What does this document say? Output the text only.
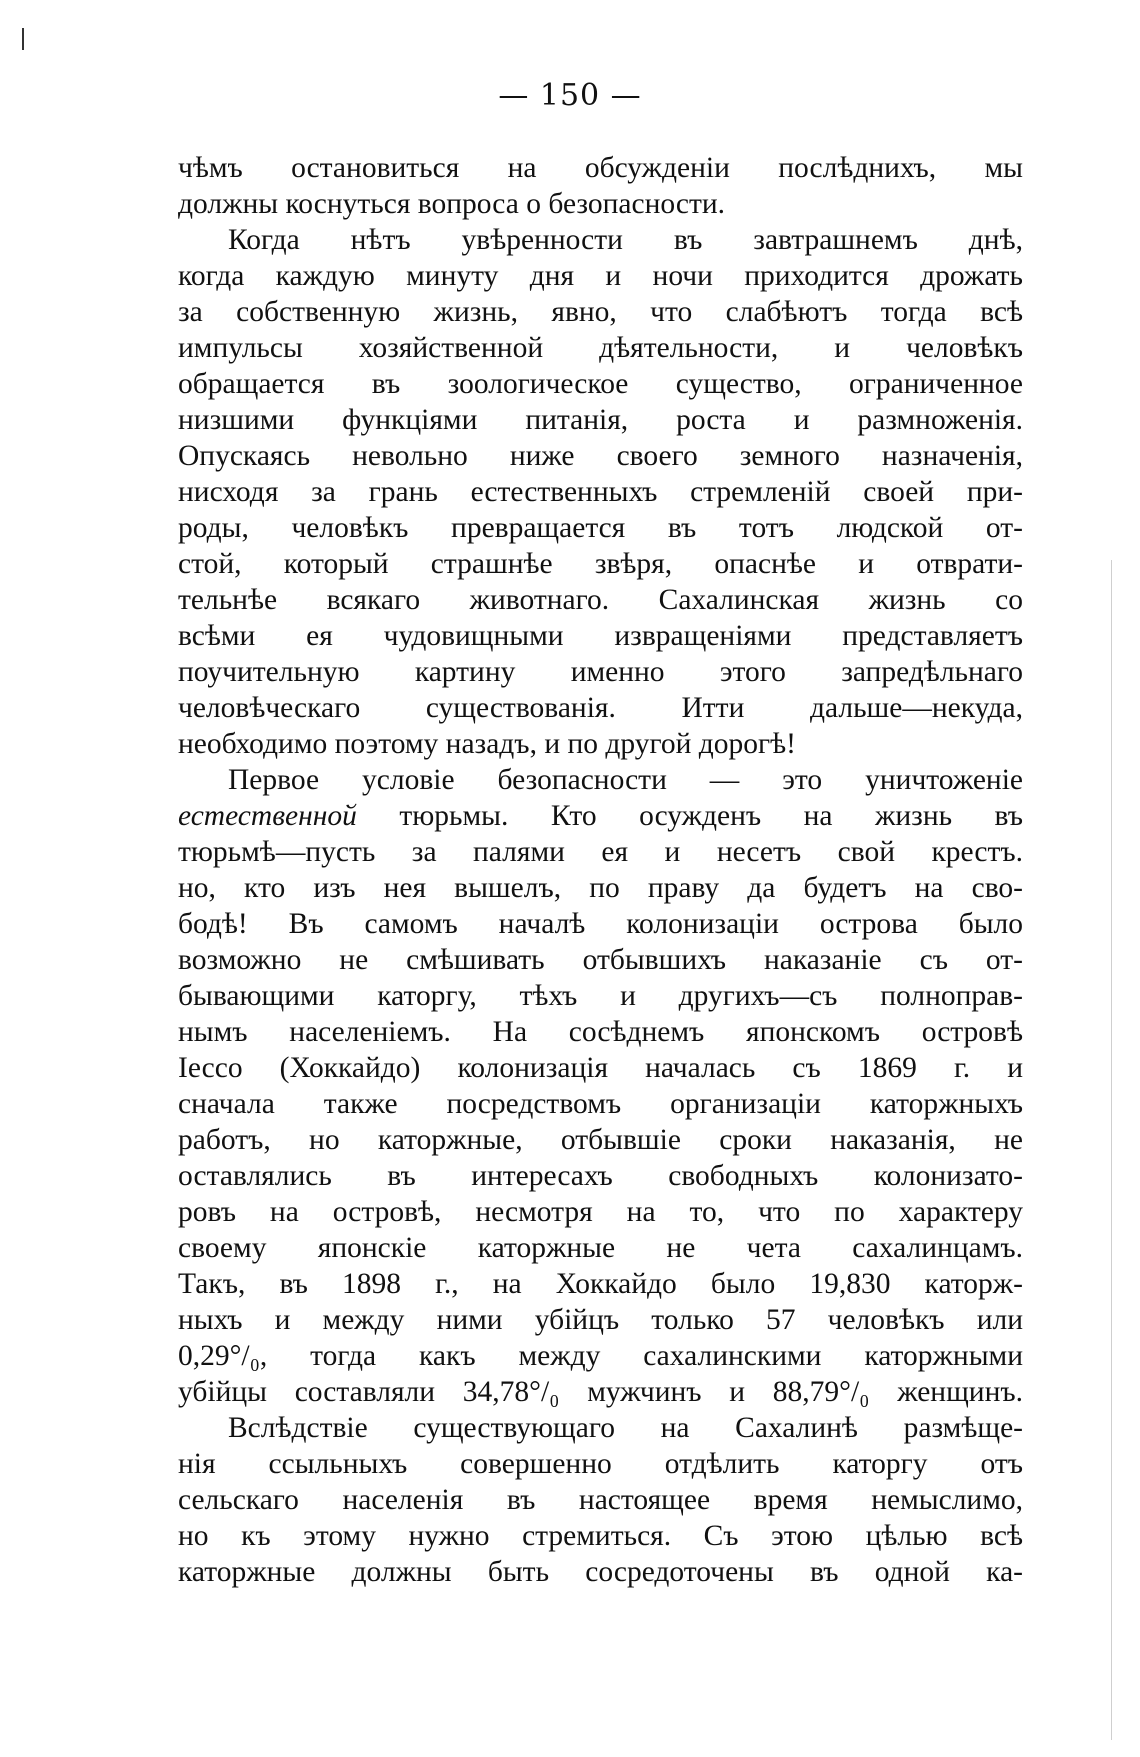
— 150 —
чѣмъ остановиться на обсужденіи послѣднихъ, мы
должны коснуться вопроса о безопасности.
Когда нѣтъ увѣренности въ завтрашнемъ днѣ,
когда каждую минуту дня и ночи приходится дрожать
за собственную жизнь, явно, что слабѣютъ тогда всѣ
импульсы хозяйственной дѣятельности, и человѣкъ
обращается въ зоологическое существо, ограниченное
низшими функціями питанія, роста и размноженія.
Опускаясь невольно ниже своего земного назначенія,
нисходя за грань естественныхъ стремленій своей при-
роды, человѣкъ превращается въ тотъ людской от-
стой, который страшнѣе звѣря, опаснѣе и отврати-
тельнѣе всякаго животнаго. Сахалинская жизнь со
всѣми ея чудовищными извращеніями представляетъ
поучительную картину именно этого запредѣльнаго
человѣческаго существованія. Итти дальше—некуда,
необходимо поэтому назадъ, и по другой дорогѣ!
Первое условіе безопасности — это уничтоженіе
естественной тюрьмы. Кто осужденъ на жизнь въ
тюрьмѣ—пусть за палями ея и несетъ свой крестъ.
но, кто изъ нея вышелъ, по праву да будетъ на сво-
бодѣ! Въ самомъ началѣ колонизаціи острова было
возможно не смѣшивать отбывшихъ наказаніе съ от-
бывающими каторгу, тѣхъ и другихъ—съ полноправ-
нымъ населеніемъ. На сосѣднемъ японскомъ островѣ
Іессо (Хоккайдо) колонизація началась съ 1869 г. и
сначала также посредствомъ организаціи каторжныхъ
работъ, но каторжные, отбывшіе сроки наказанія, не
оставлялись въ интересахъ свободныхъ колонизато-
ровъ на островѣ, несмотря на то, что по характеру
своему японскіе каторжные не чета сахалинцамъ.
Такъ, въ 1898 г., на Хоккайдо было 19,830 каторж-
ныхъ и между ними убійцъ только 57 человѣкъ или
0,29°/₀, тогда какъ между сахалинскими каторжными
убійцы составляли 34,78°/₀ мужчинъ и 88,79°/₀ женщинъ.
Вслѣдствіе существующаго на Сахалинѣ размѣще-
нія ссыльныхъ совершенно отдѣлить каторгу отъ
сельскаго населенія въ настоящее время немыслимо,
но къ этому нужно стремиться. Съ этою цѣлью всѣ
каторжные должны быть сосредоточены въ одной ка-
